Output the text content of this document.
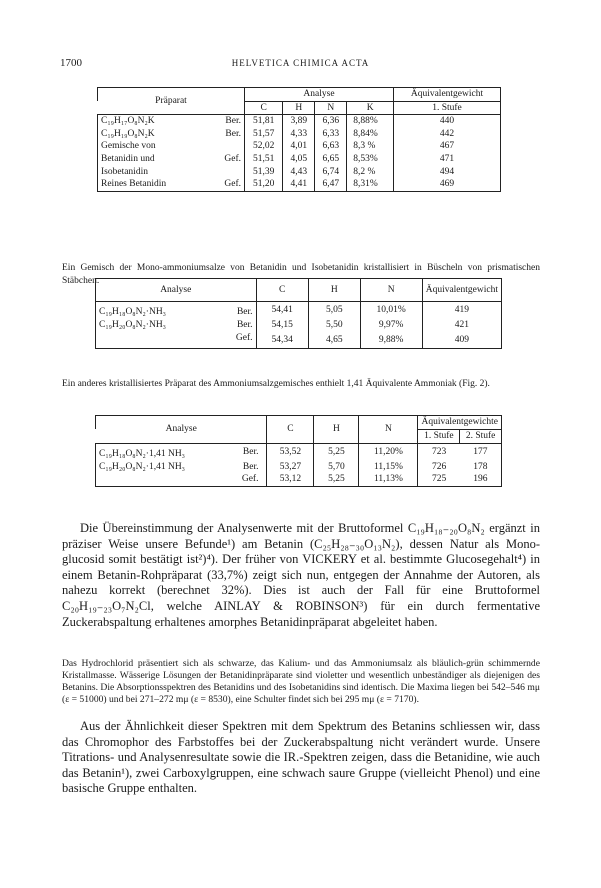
1700	HELVETICA CHIMICA ACTA
Präparat	Analyse				Äquivalentgewicht
	C	H	N	K	1. Stufe
C₁₉H₁₇O₈N₂K Ber.	51,81	3,89	6,36	8,88%	440
C₁₉H₁₉O₈N₂K Ber.	51,57	4,33	6,33	8,84%	442
Gemische von	52,02	4,01	6,63	8,3 %	467
Betanidin und Gef.	51,51	4,05	6,65	8,53%	471
Isobetanidin	51,39	4,43	6,74	8,2 %	494
Reines Betanidin Gef.	51,20	4,41	6,47	8,31%	469
Ein Gemisch der Mono-ammoniumsalze von Betanidin und Isobetanidin kristallisiert in Büscheln von prismatischen Stäbchen.
Analyse	C	H	N	Äquivalentgewicht
C₁₉H₁₈O₈N₂·NH₃ Ber.	54,41	5,05	10,01%	419
C₁₉H₂₀O₈N₂·NH₃ Ber.	54,15	5,50	9,97%	421

Gef.	54,34	4,65	9,88%	409
Ein anderes kristallisiertes Präparat des Ammoniumsalzgemisches enthielt 1,41 Äquivalente Ammoniak (Fig. 2).
Analyse		C	H	N	Äquivalentgewichte	
					1. Stufe	2. Stufe
C₁₉H₁₈O₈N₂·1,41 NH₃	Ber.	53,52	5,25	11,20%	723	177
C₁₉H₂₀O₈N₂·1,41 NH₃	Ber.	53,27	5,70	11,15%	726	178
	Gef.	53,12	5,25	11,13%	725	196
Die Übereinstimmung der Analysenwerte mit der Bruttoformel C₁₉H₁₈₋₂₀O₈N₂ ergänzt in präziser Weise unsere Befunde¹) am Betanin (C₂₅H₂₈₋₃₀O₁₃N₂), dessen Natur als Mono-glucosid somit bestätigt ist²)⁴). Der früher von VICKERY et al. bestimmte Glucosegehalt⁴) in einem Betanin-Rohpräparat (33,7%) zeigt sich nun, entgegen der Annahme der Autoren, als nahezu korrekt (berechnet 32%). Dies ist auch der Fall für eine Bruttoformel C₂₀H₁₉₋₂₃O₇N₂Cl, welche AINLAY & ROBINSON³) für ein durch fermentative Zuckerabspaltung erhaltenes amorphes Betanidinpräparat abgeleitet haben.
Das Hydrochlorid präsentiert sich als schwarze, das Kalium- und das Ammoniumsalz als bläulich-grün schimmernde Kristallmasse. Wässerige Lösungen der Betanidinpräparate sind violetter und wesentlich unbeständiger als diejenigen des Betanins. Die Absorptionsspektren des Betanidins und des Isobetanidins sind identisch. Die Maxima liegen bei 542–546 mμ (ε = 51000) und bei 271–272 mμ (ε = 8530), eine Schulter findet sich bei 295 mμ (ε = 7170).
Aus der Ähnlichkeit dieser Spektren mit dem Spektrum des Betanins schliessen wir, dass das Chromophor des Farbstoffes bei der Zuckerabspaltung nicht verändert wurde. Unsere Titrations- und Analysenresultate sowie die IR.-Spektren zeigen, dass die Betanidine, wie auch das Betanin¹), zwei Carboxylgruppen, eine schwach saure Gruppe (vielleicht Phenol) und eine basische Gruppe enthalten.
